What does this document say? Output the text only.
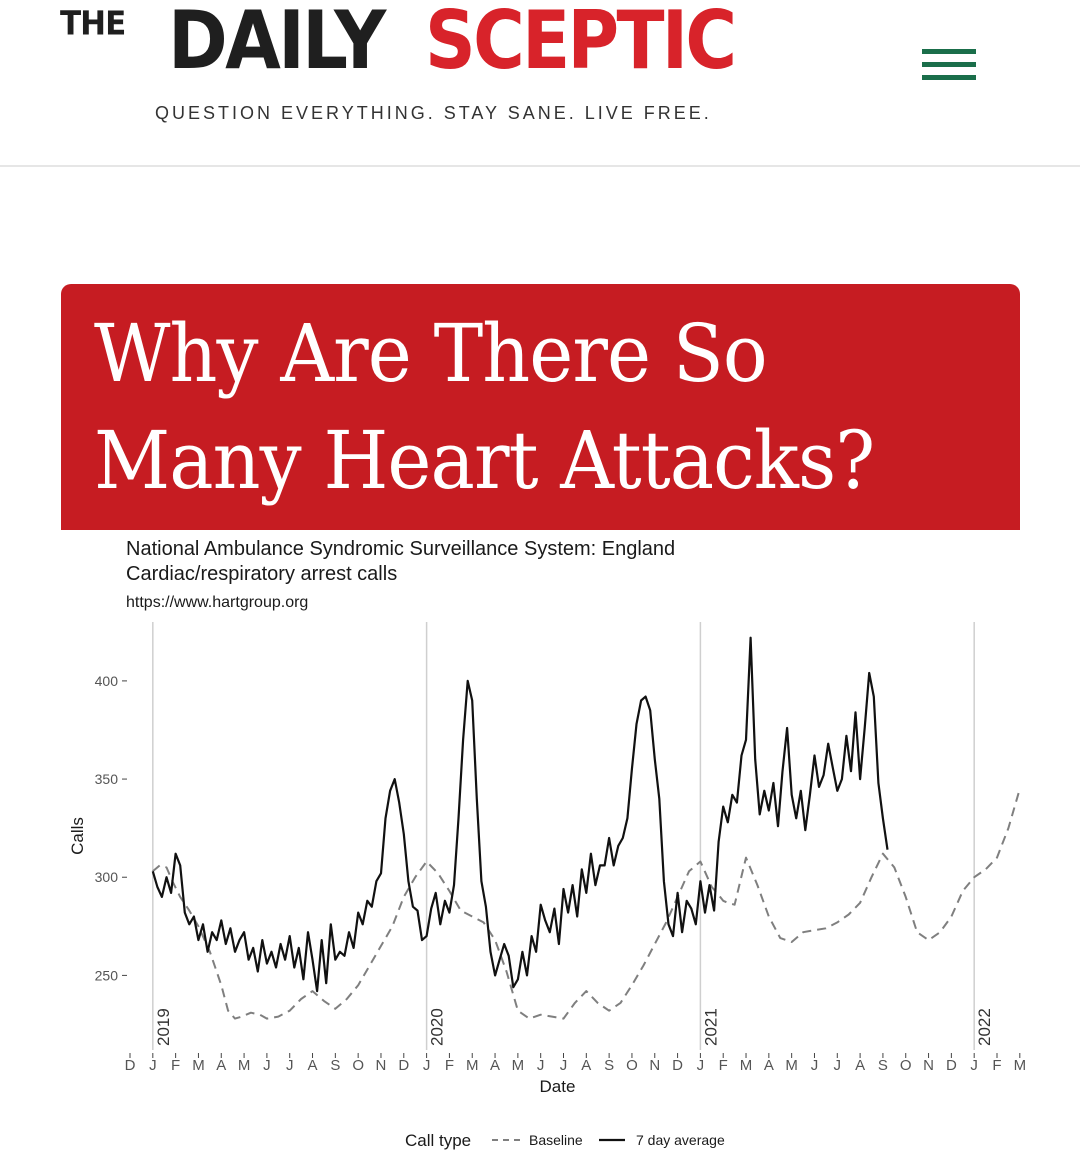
THE DAILY SCEPTIC
QUESTION EVERYTHING. STAY SANE. LIVE FREE.
Why Are There So Many Heart Attacks?
2019	2020	2021	2022
250
300
350
400
Calls
D J F M A M J J A S O N D J F M A M J J A S O N D J F M A M J J A S O N D J F M
Date
Call type	Baseline	7 day average
National Ambulance Syndromic Surveillance System: England
Cardiac/respiratory arrest calls
https://www.hartgroup.org
